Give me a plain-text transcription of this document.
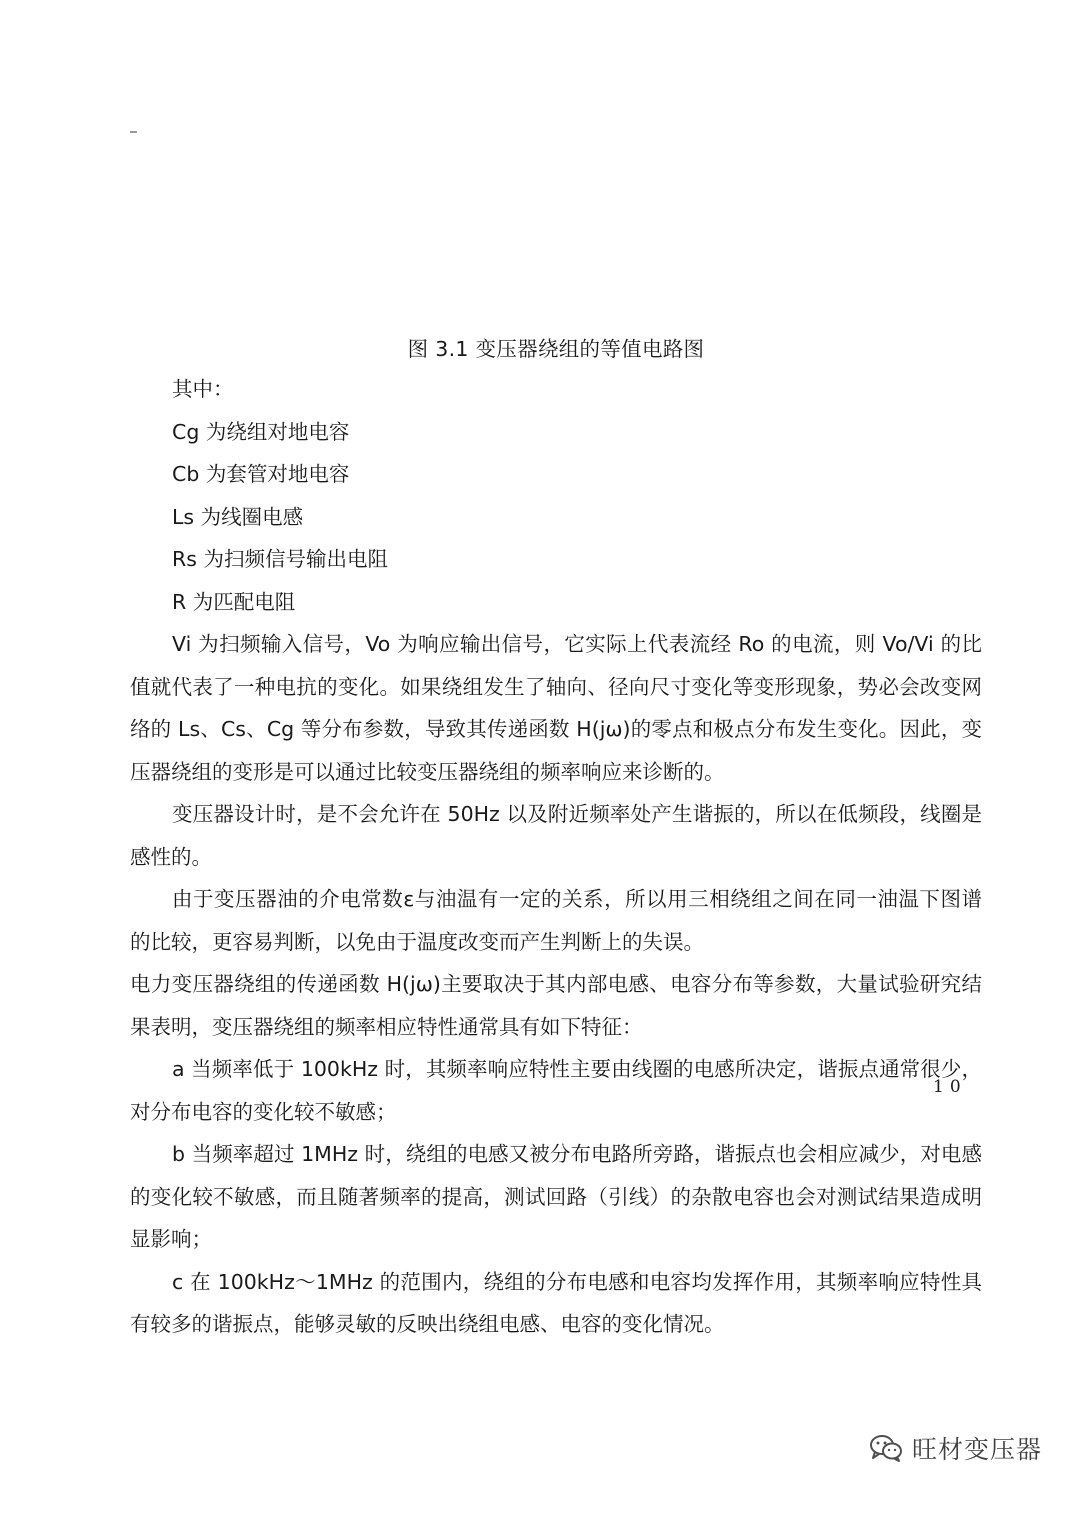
图 3.1 变压器绕组的等值电路图

其中：

Cg 为绕组对地电容

Cb 为套管对地电容

Ls 为线圈电感

Rs 为扫频信号输出电阻

R 为匹配电阻

Vi 为扫频输入信号，Vo 为响应输出信号，它实际上代表流经 Ro 的电流，则 Vo/Vi 的比值就代表了一种电抗的变化。如果绕组发生了轴向、径向尺寸变化等变形现象，势必会改变网络的 Ls、Cs、Cg 等分布参数，导致其传递函数 H(jω)的零点和极点分布发生变化。因此，变压器绕组的变形是可以通过比较变压器绕组的频率响应来诊断的。

变压器设计时，是不会允许在 50Hz 以及附近频率处产生谐振的，所以在低频段，线圈是感性的。

由于变压器油的介电常数ε与油温有一定的关系，所以用三相绕组之间在同一油温下图谱的比较，更容易判断，以免由于温度改变而产生判断上的失误。

电力变压器绕组的传递函数 H(jω)主要取决于其内部电感、电容分布等参数，大量试验研究结果表明，变压器绕组的频率相应特性通常具有如下特征：

a 当频率低于 100kHz 时，其频率响应特性主要由线圈的电感所决定，谐振点通常很少，对分布电容的变化较不敏感；

b 当频率超过 1MHz 时，绕组的电感又被分布电路所旁路，谐振点也会相应减少，对电感的变化较不敏感，而且随著频率的提高，测试回路（引线）的杂散电容也会对测试结果造成明显影响；

c 在 100kHz～1MHz 的范围内，绕组的分布电感和电容均发挥作用，其频率响应特性具有较多的谐振点，能够灵敏的反映出绕组电感、电容的变化情况。

10
旺材变压器
